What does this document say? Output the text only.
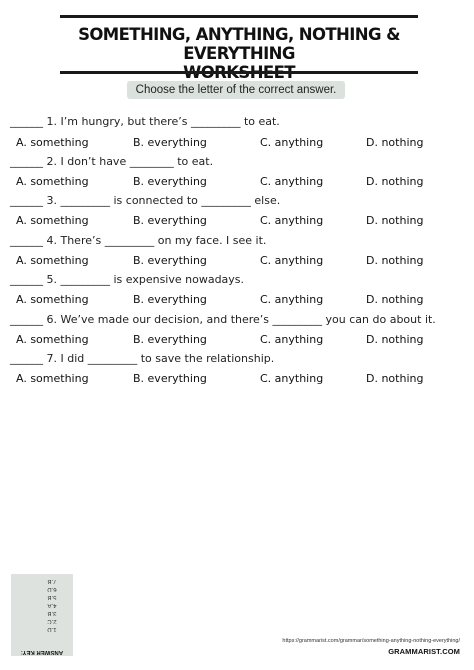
SOMETHING, ANYTHING, NOTHING & EVERYTHING

Choose the letter of the correct answer.
______ 1. I’m hungry, but there’s _________ to eat.
A. something	B. everything	C. anything	D. nothing
______ 2. I don’t have ________ to eat.
A. something	B. everything	C. anything	D. nothing
______ 3. _________ is connected to _________ else.
A. something	B. everything	C. anything	D. nothing
______ 4. There’s _________ on my face. I see it.
A. something	B. everything	C. anything	D. nothing
______ 5. _________ is expensive nowadays.
A. something	B. everything	C. anything	D. nothing
______ 6. We’ve made our decision, and there’s _________ you can do about it.
A. something	B. everything	C. anything	D. nothing
______ 7. I did _________ to save the relationship.
A. something	B. everything	C. anything	D. nothing
ANSWER KEY:
7.B
6.D
5.B
4.A
3.B
2.C
1.D
https://grammarist.com/grammar/something-anything-nothing-everything/
GRAMMARIST.COM
